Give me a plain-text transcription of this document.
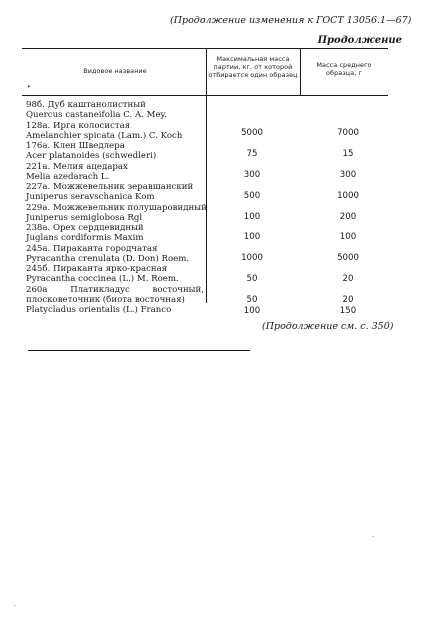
(Продолжение изменения к ГОСТ 13056.1—67)
Продолжение
Видовое название
Максимальная масса партии, кг, от которой отбирается один образец
Масса среднего образца, г
•
98б. Дуб каштанолистный
Quercus castaneifolia C. A. Mey.
128а. Ирга колосистая
Amelanchier spicata (Lam.) C. Koch
176а. Клен Шведлера
Acer platanoides (schwedleri)
221а. Мелия ацедарах
Melia azedarach L.
227а. Можжевельник зеравшанский
Juniperus seravschanica Kom
229а. Можжевельник полушаровидный
Juniperus semiglobosa Rgl
238а. Орех сердцевидный
Juglans cordiformis Maxim
245а. Пираканта городчатая
Pyracantha crenulata (D. Don) Roem.
245б. Пираканта ярко-красная
Pyracantha coccinea (L.) M. Roem.
260а Платикладус восточный, плосковеточник (биота восточная)
Platycladus orientalis (L.) Franco
5000
75
300
500
100
100
1000
50
50
100
7000
15
300
1000
200
100
5000
20
20
150
(Продолжение см. с. 350)
·
·
